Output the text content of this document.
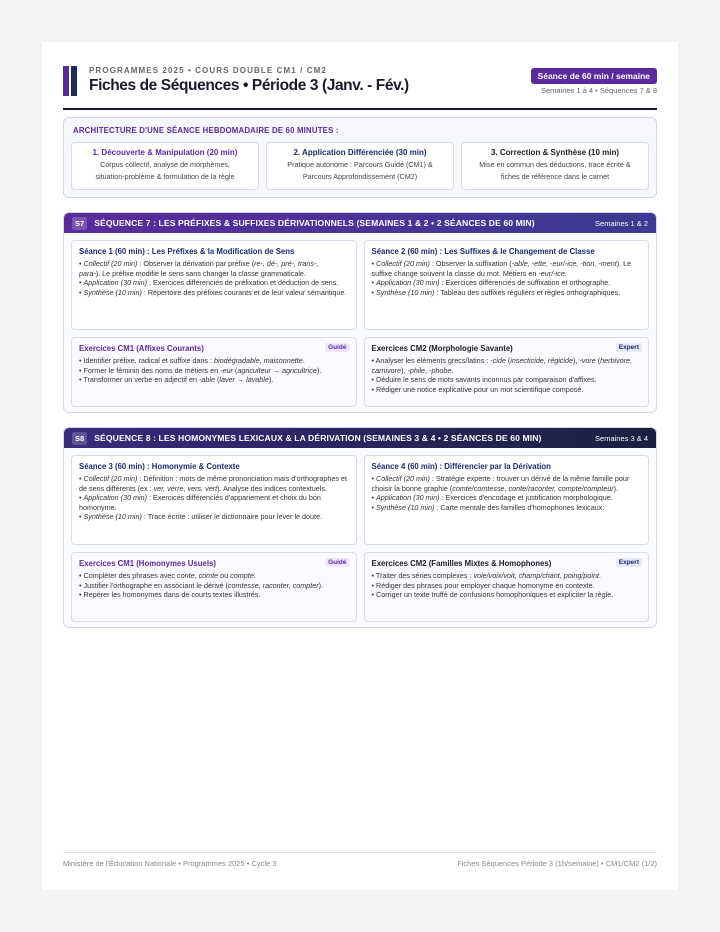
PROGRAMMES 2025 • COURS DOUBLE CM1 / CM2
Fiches de Séquences • Période 3 (Janv. - Fév.)
Séance de 60 min / semaine
Semaines 1 à 4 • Séquences 7 & 8
ARCHITECTURE D'UNE SÉANCE HEBDOMADAIRE DE 60 MINUTES :
1. Découverte & Manipulation (20 min)
Corpus collectif, analyse de morphèmes,
situation-problème & formulation de la règle
2. Application Différenciée (30 min)
Pratique autonome : Parcours Guidé (CM1) &
Parcours Approfondissement (CM2)
3. Correction & Synthèse (10 min)
Mise en commun des déductions, trace écrite &
fiches de référence dans le carnet
S7	SÉQUENCE 7 : LES PRÉFIXES & SUFFIXES DÉRIVATIONNELS (SEMAINES 1 & 2 • 2 SÉANCES DE 60 MIN)	Semaines 1 & 2
Séance 1 (60 min) : Les Préfixes & la Modification de Sens
• Collectif (20 min) : Observer la dérivation par préfixe (re-, dé-, pré-, trans-,
para-). Le préfixe modifie le sens sans changer la classe grammaticale.
• Application (30 min) : Exercices différenciés de préfixation et déduction de sens.
• Synthèse (10 min) : Répertoire des préfixes courants et de leur valeur sémantique.
Séance 2 (60 min) : Les Suffixes & le Changement de Classe
• Collectif (20 min) : Observer la suffixation (-able, -ette, -eur/-ice, -tion, -ment). Le suffixe change souvent la classe du mot. Métiers en -eur/-ice.
• Application (30 min) : Exercices différenciés de suffixation et orthographe.
• Synthèse (10 min) : Tableau des suffixes réguliers et règles orthographiques.
Exercices CM1 (Affixes Courants)	Guidé
• Identifier préfixe, radical et suffixe dans : biodégradable, maisonnette.
• Former le féminin des noms de métiers en -eur (agriculteur → agricultrice).
• Transformer un verbe en adjectif en -able (laver → lavable).
Exercices CM2 (Morphologie Savante)	Expert
• Analyser les éléments grecs/latins : -cide (insecticide, régicide), -vore (herbivore, carnivore), -phile, -phobe.
• Déduire le sens de mots savants inconnus par comparaison d'affixes.
• Rédiger une notice explicative pour un mot scientifique composé.
S8	SÉQUENCE 8 : LES HOMONYMES LEXICAUX & LA DÉRIVATION (SEMAINES 3 & 4 • 2 SÉANCES DE 60 MIN)	Semaines 3 & 4
Séance 3 (60 min) : Homonymie & Contexte
• Collectif (20 min) : Définition : mots de même prononciation mais d'orthographes et de sens différents (ex : ver, verre, vers, vert). Analyse des indices contextuels.
• Application (30 min) : Exercices différenciés d'appariement et choix du bon homonyme.
• Synthèse (10 min) : Trace écrite : utiliser le dictionnaire pour lever le doute.
Séance 4 (60 min) : Différencier par la Dérivation
• Collectif (20 min) : Stratégie experte : trouver un dérivé de la même famille pour choisir la bonne graphie (comte/comtesse, conte/raconter, compte/compteur).
• Application (30 min) : Exercices d'encodage et justification morphologique.
• Synthèse (10 min) : Carte mentale des familles d'homophones lexicaux.
Exercices CM1 (Homonymes Usuels)	Guidé
• Compléter des phrases avec conte, comte ou compte.
• Justifier l'orthographe en associant le dérivé (comtesse, raconter, compter).
• Repérer les homonymes dans de courts textes illustrés.
Exercices CM2 (Familles Mixtes & Homophones)	Expert
• Traiter des séries complexes : voie/voix/voit, champ/chant, poing/point.
• Rédiger des phrases pour employer chaque homonyme en contexte.
• Corriger un texte truffé de confusions homophoniques et expliciter la règle.
Ministère de l'Éducation Nationale • Programmes 2025 • Cycle 3	Fiches Séquences Période 3 (1h/semaine) • CM1/CM2 (1/2)
